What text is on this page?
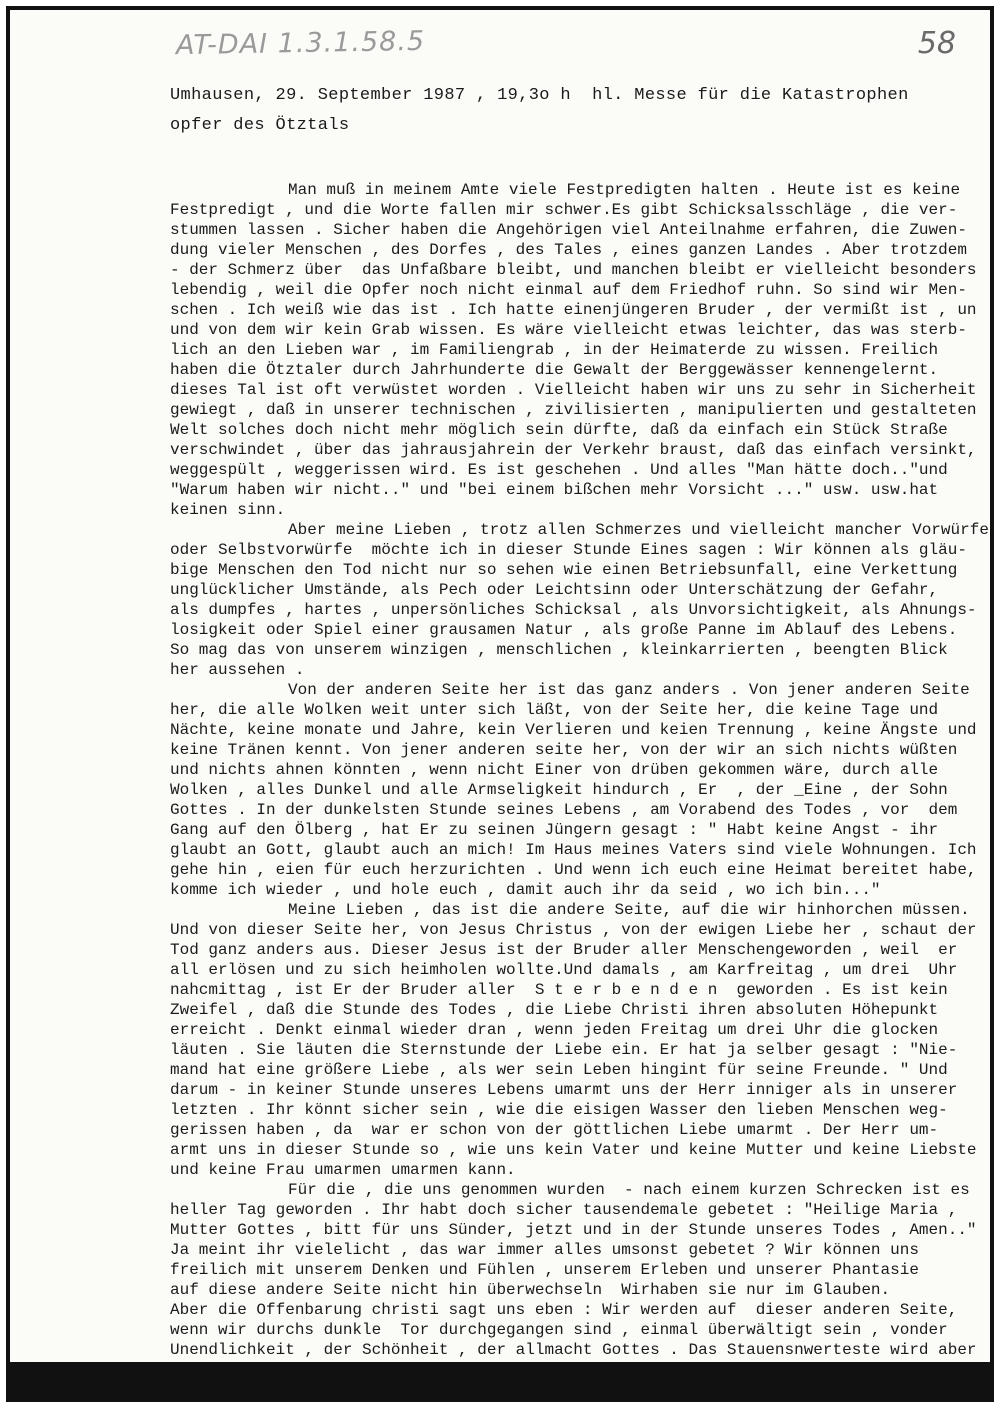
AT-DAI 1.3.1.58.5	58
Umhausen, 29. September 1987 , 19,3o h  hl. Messe für die Katastrophen
opfer des Ötztals
Man muß in meinem Amte viele Festpredigten halten . Heute ist es keine
Festpredigt , und die Worte fallen mir schwer.Es gibt Schicksalsschläge , die ver-
stummen lassen . Sicher haben die Angehörigen viel Anteilnahme erfahren, die Zuwen-
dung vieler Menschen , des Dorfes , des Tales , eines ganzen Landes . Aber trotzdem
- der Schmerz über  das Unfaßbare bleibt, und manchen bleibt er vielleicht besonders
lebendig , weil die Opfer noch nicht einmal auf dem Friedhof ruhn. So sind wir Men-
schen . Ich weiß wie das ist . Ich hatte einenjüngeren Bruder , der vermißt ist , un
und von dem wir kein Grab wissen. Es wäre vielleicht etwas leichter, das was sterb-
lich an den Lieben war , im Familiengrab , in der Heimaterde zu wissen. Freilich
haben die Ötztaler durch Jahrhunderte die Gewalt der Berggewässer kennengelernt.
dieses Tal ist oft verwüstet worden . Vielleicht haben wir uns zu sehr in Sicherheit
gewiegt , daß in unserer technischen , zivilisierten , manipulierten und gestalteten
Welt solches doch nicht mehr möglich sein dürfte, daß da einfach ein Stück Straße
verschwindet , über das jahrausjahrein der Verkehr braust, daß das einfach versinkt,
weggespült , weggerissen wird. Es ist geschehen . Und alles "Man hätte doch.."und
"Warum haben wir nicht.." und "bei einem bißchen mehr Vorsicht ..." usw. usw.hat
keinen sinn.
Aber meine Lieben , trotz allen Schmerzes und vielleicht mancher Vorwürfe
oder Selbstvorwürfe  möchte ich in dieser Stunde Eines sagen : Wir können als gläu-
bige Menschen den Tod nicht nur so sehen wie einen Betriebsunfall, eine Verkettung
unglücklicher Umstände, als Pech oder Leichtsinn oder Unterschätzung der Gefahr,
als dumpfes , hartes , unpersönliches Schicksal , als Unvorsichtigkeit, als Ahnungs-
losigkeit oder Spiel einer grausamen Natur , als große Panne im Ablauf des Lebens.
So mag das von unserem winzigen , menschlichen , kleinkarrierten , beengten Blick
her aussehen .
Von der anderen Seite her ist das ganz anders . Von jener anderen Seite
her, die alle Wolken weit unter sich läßt, von der Seite her, die keine Tage und
Nächte, keine monate und Jahre, kein Verlieren und keien Trennung , keine Ängste und
keine Tränen kennt. Von jener anderen seite her, von der wir an sich nichts wüßten
und nichts ahnen könnten , wenn nicht Einer von drüben gekommen wäre, durch alle
Wolken , alles Dunkel und alle Armseligkeit hindurch , Er  , der _Eine , der Sohn
Gottes . In der dunkelsten Stunde seines Lebens , am Vorabend des Todes , vor  dem
Gang auf den Ölberg , hat Er zu seinen Jüngern gesagt : " Habt keine Angst - ihr
glaubt an Gott, glaubt auch an mich! Im Haus meines Vaters sind viele Wohnungen. Ich
gehe hin , eien für euch herzurichten . Und wenn ich euch eine Heimat bereitet habe,
komme ich wieder , und hole euch , damit auch ihr da seid , wo ich bin..."
Meine Lieben , das ist die andere Seite, auf die wir hinhorchen müssen.
Und von dieser Seite her, von Jesus Christus , von der ewigen Liebe her , schaut der
Tod ganz anders aus. Dieser Jesus ist der Bruder aller Menschengeworden , weil  er
all erlösen und zu sich heimholen wollte.Und damals , am Karfreitag , um drei  Uhr
nahcmittag , ist Er der Bruder aller  S t e r b e n d e n  geworden . Es ist kein
Zweifel , daß die Stunde des Todes , die Liebe Christi ihren absoluten Höhepunkt
erreicht . Denkt einmal wieder dran , wenn jeden Freitag um drei Uhr die glocken
läuten . Sie läuten die Sternstunde der Liebe ein. Er hat ja selber gesagt : "Nie-
mand hat eine größere Liebe , als wer sein Leben hingint für seine Freunde. " Und
darum - in keiner Stunde unseres Lebens umarmt uns der Herr inniger als in unserer
letzten . Ihr könnt sicher sein , wie die eisigen Wasser den lieben Menschen weg-
gerissen haben , da  war er schon von der göttlichen Liebe umarmt . Der Herr um-
armt uns in dieser Stunde so , wie uns kein Vater und keine Mutter und keine Liebste
und keine Frau umarmen umarmen kann.
Für die , die uns genommen wurden  - nach einem kurzen Schrecken ist es
heller Tag geworden . Ihr habt doch sicher tausendemale gebetet : "Heilige Maria ,
Mutter Gottes , bitt für uns Sünder, jetzt und in der Stunde unseres Todes , Amen.."
Ja meint ihr vielelicht , das war immer alles umsonst gebetet ? Wir können uns
freilich mit unserem Denken und Fühlen , unserem Erleben und unserer Phantasie
auf diese andere Seite nicht hin überwechseln  Wirhaben sie nur im Glauben.
Aber die Offenbarung christi sagt uns eben : Wir werden auf  dieser anderen Seite,
wenn wir durchs dunkle  Tor durchgegangen sind , einmal überwältigt sein , vonder
Unendlichkeit , der Schönheit , der allmacht Gottes . Das Stauensnwerteste wird aber
